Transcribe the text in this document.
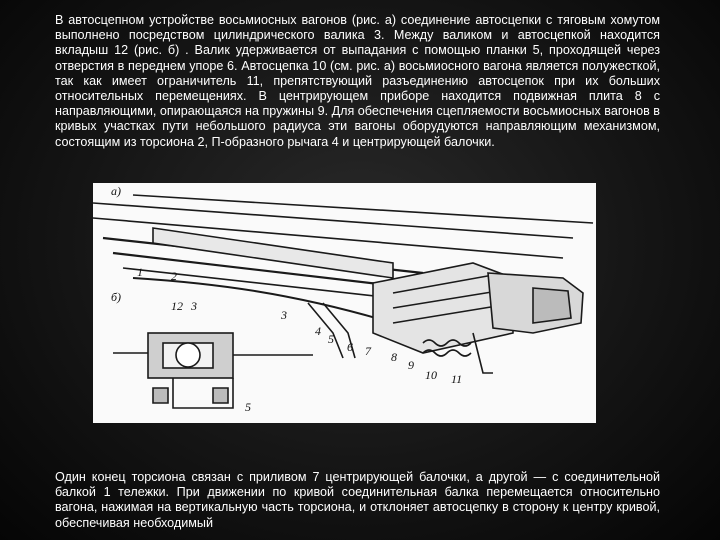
В автосцепном устройстве восьмиосных вагонов (рис. а) соединение автосцепки с тяговым хомутом выполнено посредством цилиндрического валика 3. Между валиком и автосцепкой находится вкладыш 12 (рис. б) . Валик удерживается от выпадания с помощью планки 5, проходящей через отверстия в переднем упоре 6. Автосцепка 10 (см. рис. а) восьмиосного вагона является полужесткой, так как имеет ограничитель 11, препятствующий разъединению автосцепок при их больших относительных перемещениях. В центрирующем приборе находится подвижная плита 8 с направляющими, опирающаяся на пружины 9. Для обеспечения сцепляемости восьмиосных вагонов в кривых участках пути небольшого радиуса эти вагоны оборудуются направляющим механизмом, состоящим из торсиона 2, П-образного рычага 4 и центрирующей балочки.

а)
б)
1 2
3
4
5
6 7 8
9
10 11
12 3
5

Один конец торсиона связан с приливом 7 центрирующей балочки, а другой — с соединительной балкой 1 тележки. При движении по кривой соединительная балка перемещается относительно вагона, нажимая на вертикальную часть торсиона, и отклоняет автосцепку в сторону к центру кривой, обеспечивая необходимый
